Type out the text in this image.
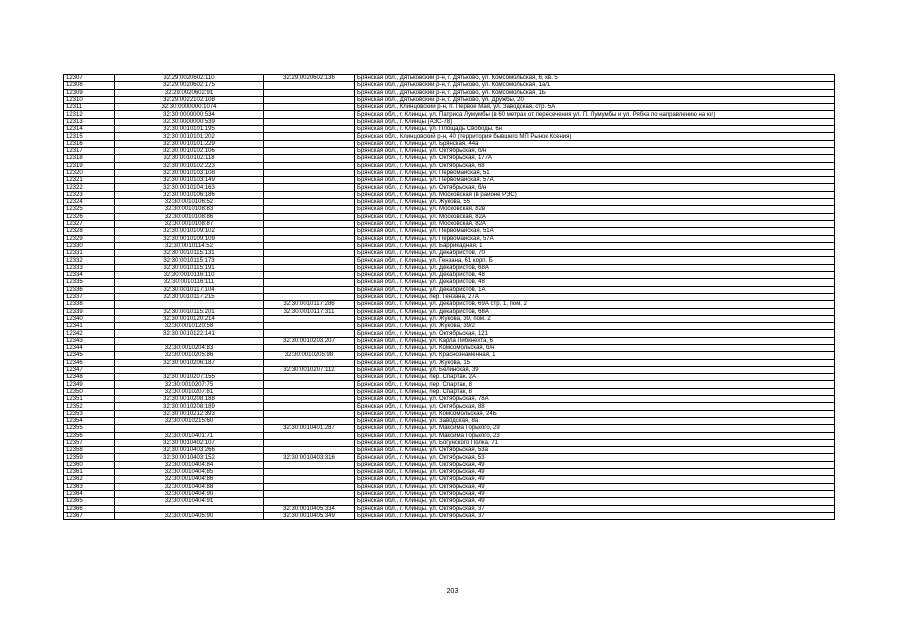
12307	32:29:0020602:110	32:29:0020602:136	Брянская обл., Дятьковский р-н, г. Дятьково, ул. Комсомольская, 6, кв. 5
12308	32:29:0020602:175		Брянская обл., Дятьковский р-н, г. Дятьково, ул. Комсомольская, 1а/1
12309	32:29:0020602:91		Брянская обл., Дятьковский р-н, г. Дятьково, ул. Комсомольская, 1Б
12310	32:29:0022102:108		Брянская обл., Дятьковский р-н, г. Дятьково, ул. Дружбы, 20
12311	32:30:0000000:1074		Брянская обл., Клинцовский р-н, п. Первое Мая, ул. Заводская, стр. 5А
12312	32:30:0000000:534		Брянская обл., г. Клинцы, ул. Патриса Лумумбы (в 60 метрах от пересечения ул. П. Лумумбы и ул. Рябка по направлению на юг)
12313	32:30:0000000:539		Брянская обл., г. Клинцы (АЗС-78)
12314	32:30:0010101:195		Брянская обл., г. Клинцы, ул. Площадь Свободы, 6н
12315	32:30:0010101:202		Брянская обл., Клинцовский р-н, 40 (территория бывшего МП Рынок Ксения)
12316	32:30:0010101:229		Брянская обл., г. Клинцы, ул. Брянская, 44а
12317	32:30:0010102:106		Брянская обл., г. Клинцы, ул. Октябрьская, б/н
12318	32:30:0010102:118		Брянская обл., г. Клинцы, ул. Октябрьская, 177А
12319	32:30:0010102:223		Брянская обл., г. Клинцы, ул. Октябрьская, 68
12320	32:30:0010103:108		Брянская обл., г. Клинцы, ул. Первомайская, 51
12321	32:30:0010103:149		Брянская обл., г. Клинцы, ул. Первомайская, 57А
12322	32:30:0010104:163		Брянская обл., г. Клинцы, ул. Октябрьская, б/н
12323	32:30:0010106:186		Брянская обл., г. Клинцы, ул. Московская (в районе РЭС)
12324	32:30:0010106:52		Брянская обл., г. Клинцы, ул. Жукова, 55
12325	32:30:0010108:83		Брянская обл., г. Клинцы, ул. Московская, 82в
12326	32:30:0010108:86		Брянская обл., г. Клинцы, ул. Московская, 82А
12327	32:30:0010108:87		Брянская обл., г. Клинцы, ул. Московская, 82А
12328	32:30:0010109:102		Брянская обл., г. Клинцы, ул. Первомайская, 51А
12329	32:30:0010109:109		Брянская обл., г. Клинцы, ул. Первомайская, 57А
12330	32:30:0010114:52		Брянская обл., г. Клинцы, ул. Баррикадная, 1
12331	32:30:0010115:131		Брянская обл., г. Клинцы, ул. Декабристов, 70
12332	32:30:0010115:173		Брянская обл., г. Клинцы, ул. Гензана, 61 корп. Б
12333	32:30:0010115:191		Брянская обл., г. Клинцы, ул. Декабристов, 68А
12334	32:30:0010116:110		Брянская обл., г. Клинцы, ул. Декабристов, 48
12335	32:30:0010116:111		Брянская обл., г. Клинцы, ул. Декабристов, 48
12336	32:30:0010117:104		Брянская обл., г. Клинцы, ул. Декабристов, 1А
12337	32:30:0010117:215		Брянская обл., г. Клинцы, пер. Гензана, 27А
12338		32:30:0010117:286	Брянская обл., г. Клинцы, ул. Декабристов, 69А стр. 1, пом. 2
12339	32:30:0010115:201	32:30:0010117:311	Брянская обл., г. Клинцы, ул. Декабристов, 68А
12340	32:30:0010120:214		Брянская обл., г. Клинцы, ул. Жукова, 39, пом. 2
12341	32:30:0010120:58		Брянская обл., г. Клинцы, ул. Жукова, 39/2
12342	32:30:0010122:141		Брянская обл., г. Клинцы, ул. Октябрьская, 121
12343		32:30:0010203:207	Брянская обл., г. Клинцы, ул. Карла Либкнехта, 6
12344	32:30:0010204:83		Брянская обл., г. Клинцы, ул. Комсомольская, б/н
12345	32:30:0010205:86	32:30:0010205:98	Брянская обл., г. Клинцы, ул. Краснознаменная, 1
12346	32:30:0010206:187		Брянская обл., г. Клинцы, ул. Жукова, 15
12347		32:30:0010207:112	Брянская обл., г. Клинцы, ул. Белинская, 39
12348	32:30:0010207:155		Брянская обл., г. Клинцы, пер. Спартак, 2А
12349	32:30:0010207:75		Брянская обл., г. Клинцы, пер. Спартак, 8
12350	32:30:0010207:81		Брянская обл., г. Клинцы, пер. Спартак, 8
12351	32:30:0010208:188		Брянская обл., г. Клинцы, ул. Октябрьская, 78А
12352	32:30:0010208:189		Брянская обл., г. Клинцы, ул. Октябрьская, 88
12353	32:30:0010212:393		Брянская обл., г. Клинцы, ул. Комсомольская, 24Б
12354	32:30:0010215:60		Брянская обл., г. Клинцы, ул. Заводская, 8а
12355		32:30:0010401:287	Брянская обл., г. Клинцы, ул. Максима Горького, 29
12356	32:30:0010401:71		Брянская обл., г. Клинцы, ул. Максима Горького, 23
12357	32:30:0010402:107		Брянская обл., г. Клинцы, ул. Богунского Полка, 71
12358	32:30:0010403:266		Брянская обл., г. Клинцы, ул. Октябрьская, 53а
12359	32:30:0010403:152	32:30:0010403:316	Брянская обл., г. Клинцы, ул. Октябрьская, 53
12360	32:30:0010404:84		Брянская обл., г. Клинцы, ул. Октябрьская, 49
12361	32:30:0010404:85		Брянская обл., г. Клинцы, ул. Октябрьская, 49
12362	32:30:0010404:86		Брянская обл., г. Клинцы, ул. Октябрьская, 49
12363	32:30:0010404:88		Брянская обл., г. Клинцы, ул. Октябрьская, 49
12364	32:30:0010404:90		Брянская обл., г. Клинцы, ул. Октябрьская, 49
12365	32:30:0010404:91		Брянская обл., г. Клинцы, ул. Октябрьская, 49
12366		32:30:0010405:334	Брянская обл., г. Клинцы, ул. Октябрьская, 37
12367	32:30:0010405:90	32:30:0010405:349	Брянская обл., г. Клинцы, ул. Октябрьская, 37
203
